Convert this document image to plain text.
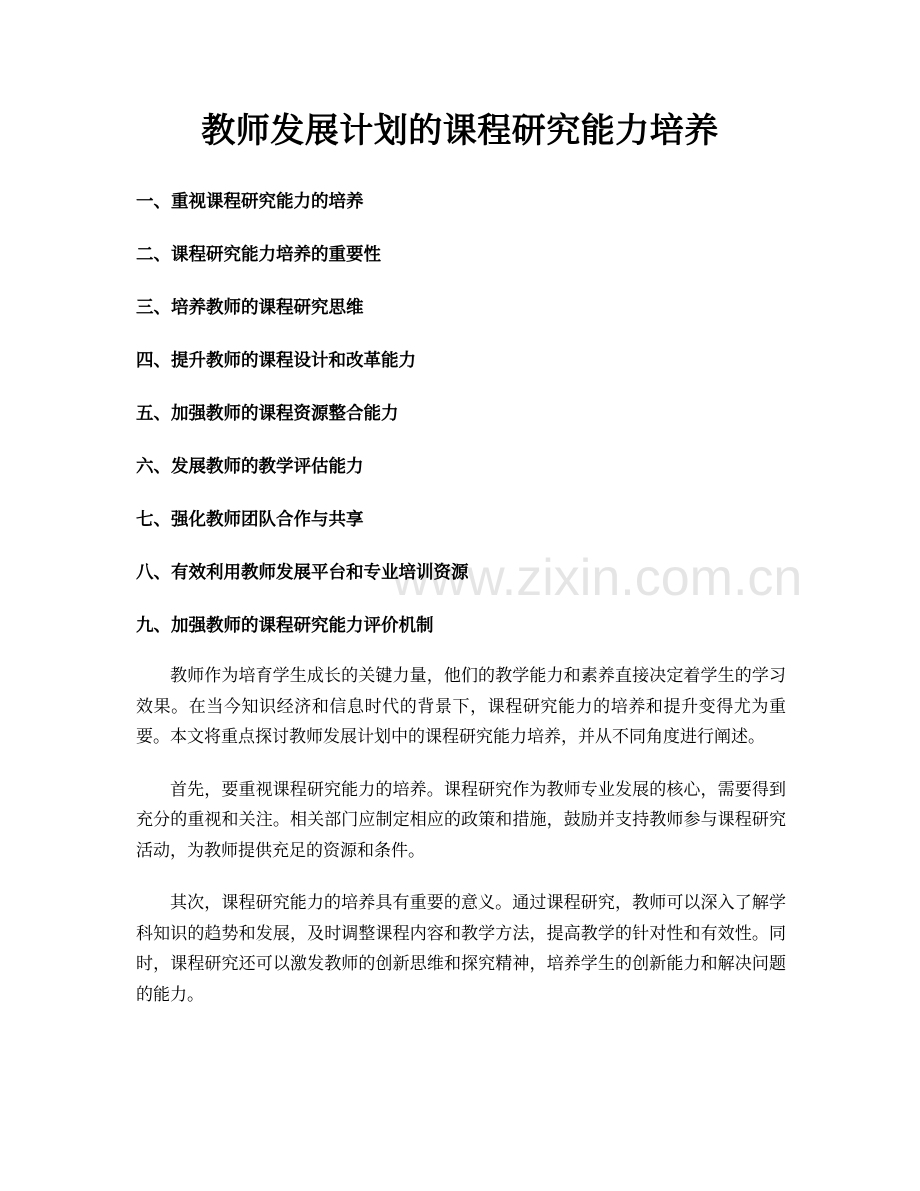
教师发展计划的课程研究能力培养
一、重视课程研究能力的培养
二、课程研究能力培养的重要性
三、培养教师的课程研究思维
四、提升教师的课程设计和改革能力
五、加强教师的课程资源整合能力
六、发展教师的教学评估能力
七、强化教师团队合作与共享
八、有效利用教师发展平台和专业培训资源
九、加强教师的课程研究能力评价机制

教师作为培育学生成长的关键力量，他们的教学能力和素养直接决定着学生的学习效果。在当今知识经济和信息时代的背景下，课程研究能力的培养和提升变得尤为重要。本文将重点探讨教师发展计划中的课程研究能力培养，并从不同角度进行阐述。

首先，要重视课程研究能力的培养。课程研究作为教师专业发展的核心，需要得到充分的重视和关注。相关部门应制定相应的政策和措施，鼓励并支持教师参与课程研究活动，为教师提供充足的资源和条件。

其次，课程研究能力的培养具有重要的意义。通过课程研究，教师可以深入了解学科知识的趋势和发展，及时调整课程内容和教学方法，提高教学的针对性和有效性。同时，课程研究还可以激发教师的创新思维和探究精神，培养学生的创新能力和解决问题的能力。

www.zixin.com.cn
